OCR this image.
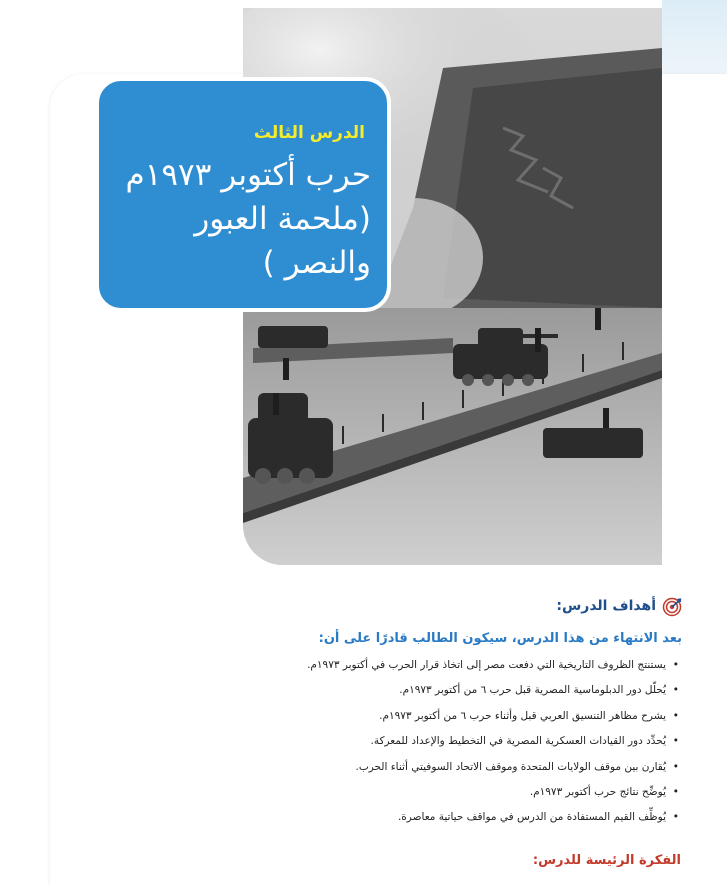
الدرس الثالث
حرب أكتوبر ١٩٧٣م (ملحمة العبور والنصر )
أهداف الدرس:
بعد الانتهاء من هذا الدرس، سيكون الطالب قادرًا على أن:
• يستنتج الظروف التاريخية التي دفعت مصر إلى اتخاذ قرار الحرب في أكتوبر ١٩٧٣م.
• يُحلّل دور الدبلوماسية المصرية قبل حرب ٦ من أكتوبر ١٩٧٣م.
• يشرح مظاهر التنسيق العربي قبل وأثناء حرب ٦ من أكتوبر ١٩٧٣م.
• يُحدِّد دور القيادات العسكرية المصرية في التخطيط والإعداد للمعركة.
• يُقارن بين موقف الولايات المتحدة وموقف الاتحاد السوفيتي أثناء الحرب.
• يُوضِّح نتائج حرب أكتوبر ١٩٧٣م.
• يُوظِّف القيم المستفادة من الدرس في مواقف حياتية معاصرة.
الفكرة الرئيسة للدرس:
